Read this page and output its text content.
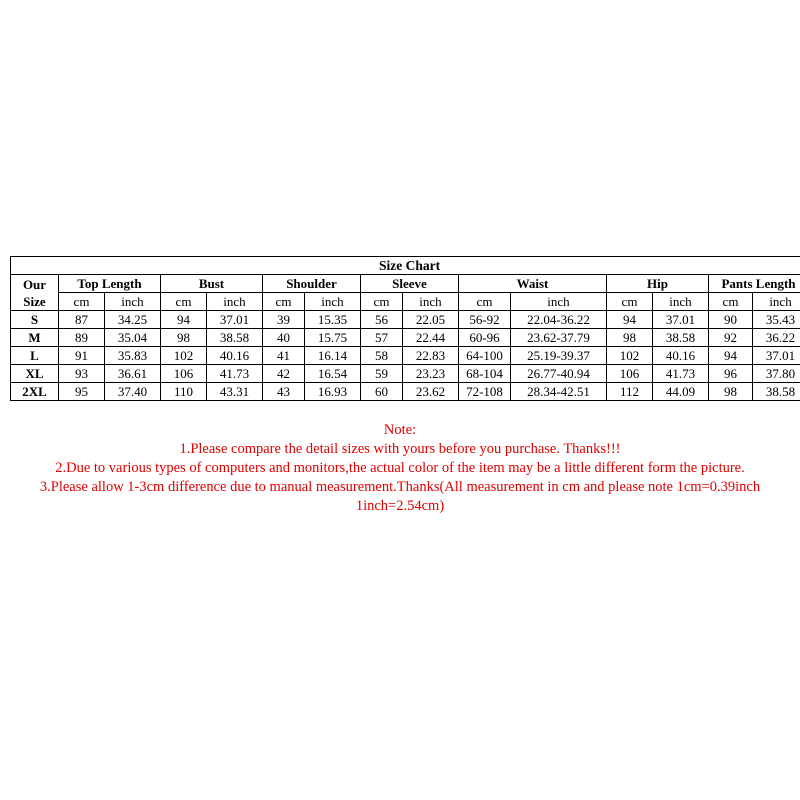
Size Chart														

Our
Size	Top Length		Bust		Shoulder		Sleeve		Waist		Hip		Pants Length	
	cm	inch	cm	inch	cm	inch	cm	inch	cm	inch	cm	inch	cm	inch
S	87	34.25	94	37.01	39	15.35	56	22.05	56-92	22.04-36.22	94	37.01	90	35.43
M	89	35.04	98	38.58	40	15.75	57	22.44	60-96	23.62-37.79	98	38.58	92	36.22
L	91	35.83	102	40.16	41	16.14	58	22.83	64-100	25.19-39.37	102	40.16	94	37.01
XL	93	36.61	106	41.73	42	16.54	59	23.23	68-104	26.77-40.94	106	41.73	96	37.80
2XL	95	37.40	110	43.31	43	16.93	60	23.62	72-108	28.34-42.51	112	44.09	98	38.58
Note:
1.Please compare the detail sizes with yours before you purchase. Thanks!!!
2.Due to various types of computers and monitors,the actual color of the item may be a little different form the picture.
3.Please allow 1-3cm difference due to manual measurement.Thanks(All measurement in cm and please note 1cm=0.39inch
1inch=2.54cm)
